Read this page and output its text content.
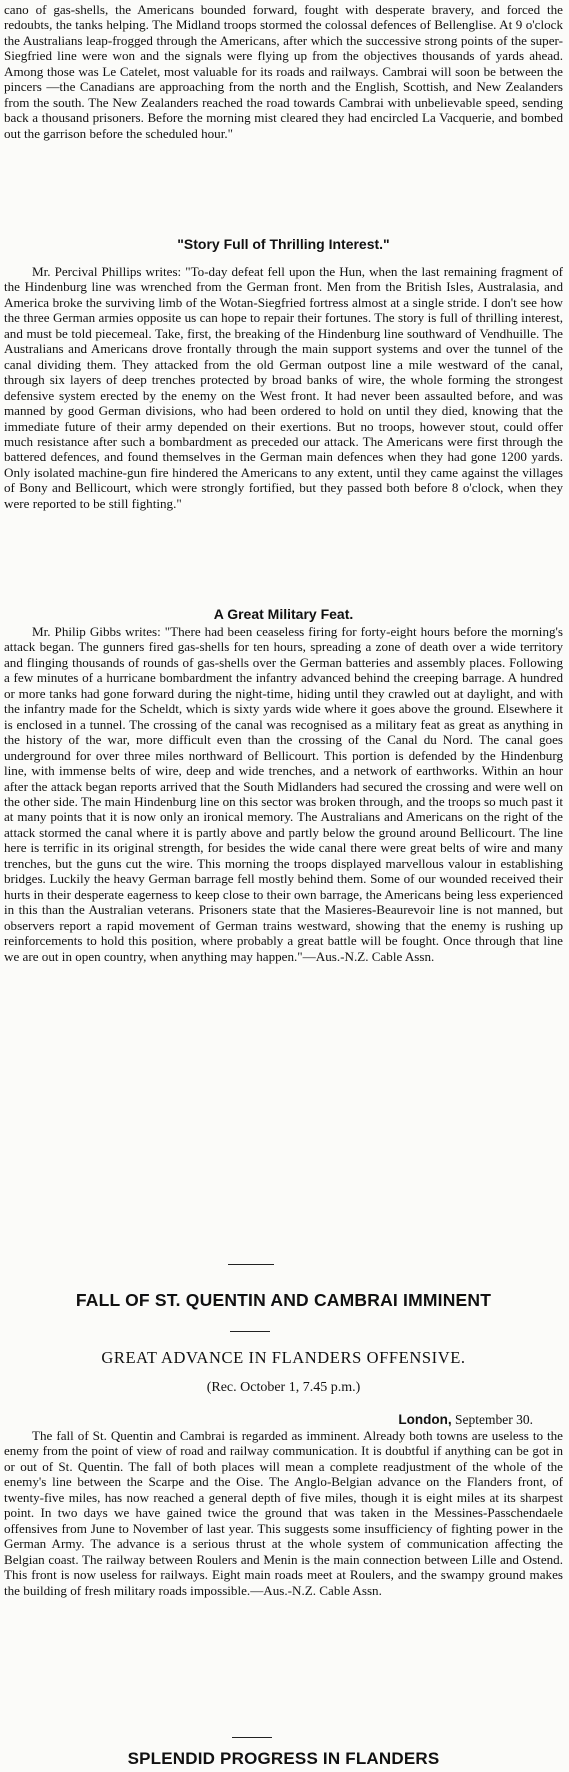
cano of gas-shells, the Americans bounded forward, fought with desperate bravery, and forced the redoubts, the tanks helping. The Midland troops stormed the colossal defences of Bellenglise. At 9 o'clock the Australians leap-frogged through the Americans, after which the successive strong points of the super-Siegfried line were won and the signals were flying up from the objectives thousands of yards ahead. Among those was Le Catelet, most valuable for its roads and railways. Cambrai will soon be between the pincers —the Canadians are approaching from the north and the English, Scottish, and New Zealanders from the south. The New Zealanders reached the road towards Cambrai with unbelievable speed, sending back a thousand prisoners. Before the morning mist cleared they had encircled La Vacquerie, and bombed out the garrison before the scheduled hour."

"Story Full of Thrilling Interest."

Mr. Percival Phillips writes: "To-day defeat fell upon the Hun, when the last remaining fragment of the Hindenburg line was wrenched from the German front. Men from the British Isles, Australasia, and America broke the surviving limb of the Wotan-Siegfried fortress almost at a single stride. I don't see how the three German armies opposite us can hope to repair their fortunes. The story is full of thrilling interest, and must be told piecemeal. Take, first, the breaking of the Hindenburg line southward of Vendhuille. The Australians and Americans drove frontally through the main support systems and over the tunnel of the canal dividing them. They attacked from the old German outpost line a mile westward of the canal, through six layers of deep trenches protected by broad banks of wire, the whole forming the strongest defensive system erected by the enemy on the West front. It had never been assaulted before, and was manned by good German divisions, who had been ordered to hold on until they died, knowing that the immediate future of their army depended on their exertions. But no troops, however stout, could offer much resistance after such a bombardment as preceded our attack. The Americans were first through the battered defences, and found themselves in the German main defences when they had gone 1200 yards. Only isolated machine-gun fire hindered the Americans to any extent, until they came against the villages of Bony and Bellicourt, which were strongly fortified, but they passed both before 8 o'clock, when they were reported to be still fighting."

A Great Military Feat.

Mr. Philip Gibbs writes: "There had been ceaseless firing for forty-eight hours before the morning's attack began. The gunners fired gas-shells for ten hours, spreading a zone of death over a wide territory and flinging thousands of rounds of gas-shells over the German batteries and assembly places. Following a few minutes of a hurricane bombardment the infantry advanced behind the creeping barrage. A hundred or more tanks had gone forward during the night-time, hiding until they crawled out at daylight, and with the infantry made for the Scheldt, which is sixty yards wide where it goes above the ground. Elsewhere it is enclosed in a tunnel. The crossing of the canal was recognised as a military feat as great as anything in the history of the war, more difficult even than the crossing of the Canal du Nord. The canal goes underground for over three miles northward of Bellicourt. This portion is defended by the Hindenburg line, with immense belts of wire, deep and wide trenches, and a network of earthworks. Within an hour after the attack began reports arrived that the South Midlanders had secured the crossing and were well on the other side. The main Hindenburg line on this sector was broken through, and the troops so much past it at many points that it is now only an ironical memory. The Australians and Americans on the right of the attack stormed the canal where it is partly above and partly below the ground around Bellicourt. The line here is terrific in its original strength, for besides the wide canal there were great belts of wire and many trenches, but the guns cut the wire. This morning the troops displayed marvellous valour in establishing bridges. Luckily the heavy German barrage fell mostly behind them. Some of our wounded received their hurts in their desperate eagerness to keep close to their own barrage, the Americans being less experienced in this than the Australian veterans. Prisoners state that the Masieres-Beaurevoir line is not manned, but observers report a rapid movement of German trains westward, showing that the enemy is rushing up reinforcements to hold this position, where probably a great battle will be fought. Once through that line we are out in open country, when anything may happen."—Aus.-N.Z. Cable Assn.

FALL OF ST. QUENTIN AND CAMBRAI IMMINENT
GREAT ADVANCE IN FLANDERS OFFENSIVE.
(Rec. October 1, 7.45 p.m.)
London, September 30.

The fall of St. Quentin and Cambrai is regarded as imminent. Already both towns are useless to the enemy from the point of view of road and railway communication. It is doubtful if anything can be got in or out of St. Quentin. The fall of both places will mean a complete readjustment of the whole of the enemy's line between the Scarpe and the Oise. The Anglo-Belgian advance on the Flanders front, of twenty-five miles, has now reached a general depth of five miles, though it is eight miles at its sharpest point. In two days we have gained twice the ground that was taken in the Messines-Passchendaele offensives from June to November of last year. This suggests some insufficiency of fighting power in the German Army. The advance is a serious thrust at the whole system of communication affecting the Belgian coast. The railway between Roulers and Menin is the main connection between Lille and Ostend. This front is now useless for railways. Eight main roads meet at Roulers, and the swampy ground makes the building of fresh military roads impossible.—Aus.-N.Z. Cable Assn.

SPLENDID PROGRESS IN FLANDERS
